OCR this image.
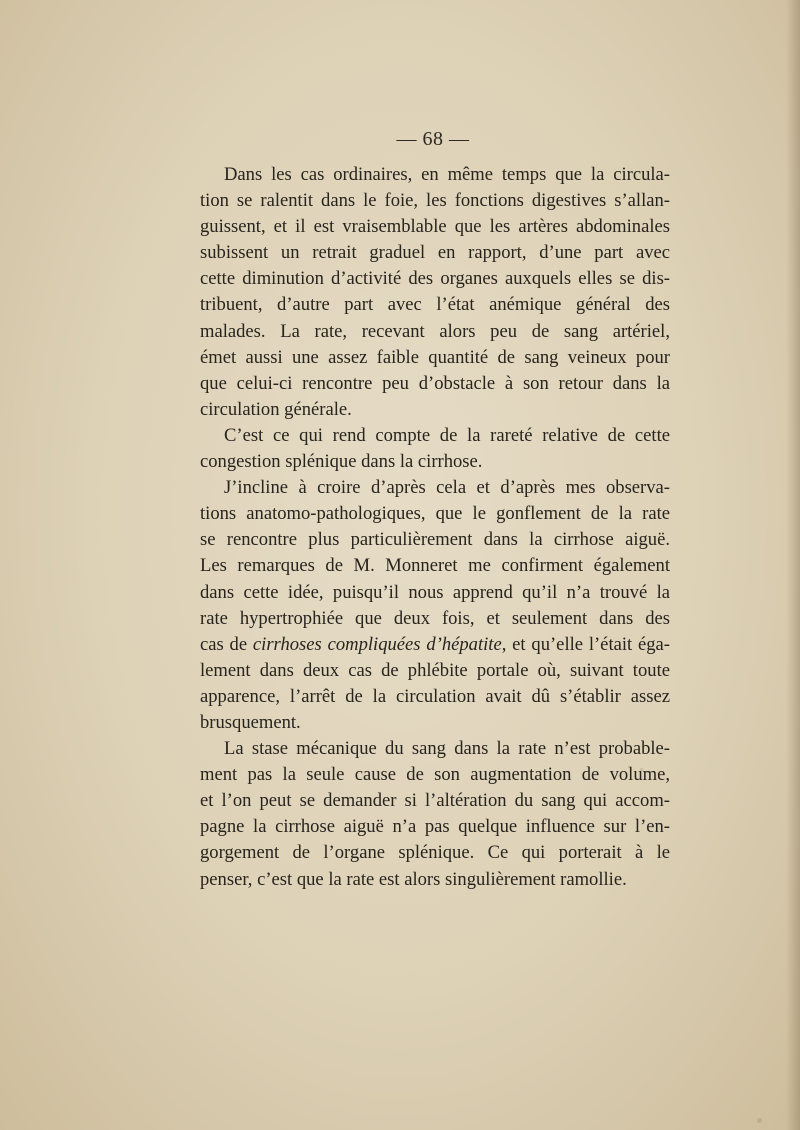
— 68 —
Dans les cas ordinaires, en même temps que la circula-
tion se ralentit dans le foie, les fonctions digestives s’allan-
guissent, et il est vraisemblable que les artères abdominales
subissent un retrait graduel en rapport, d’une part avec
cette diminution d’activité des organes auxquels elles se dis-
tribuent, d’autre part avec l’état anémique général des
malades. La rate, recevant alors peu de sang artériel,
émet aussi une assez faible quantité de sang veineux pour
que celui-ci rencontre peu d’obstacle à son retour dans la
circulation générale.
C’est ce qui rend compte de la rareté relative de cette
congestion splénique dans la cirrhose.
J’incline à croire d’après cela et d’après mes observa-
tions anatomo-pathologiques, que le gonflement de la rate
se rencontre plus particulièrement dans la cirrhose aiguë.
Les remarques de M. Monneret me confirment également
dans cette idée, puisqu’il nous apprend qu’il n’a trouvé la
rate hypertrophiée que deux fois, et seulement dans des
cas de cirrhoses compliquées d’hépatite, et qu’elle l’était éga-
lement dans deux cas de phlébite portale où, suivant toute
apparence, l’arrêt de la circulation avait dû s’établir assez
brusquement.
La stase mécanique du sang dans la rate n’est probable-
ment pas la seule cause de son augmentation de volume,
et l’on peut se demander si l’altération du sang qui accom-
pagne la cirrhose aiguë n’a pas quelque influence sur l’en-
gorgement de l’organe splénique. Ce qui porterait à le
penser, c’est que la rate est alors singulièrement ramollie.
